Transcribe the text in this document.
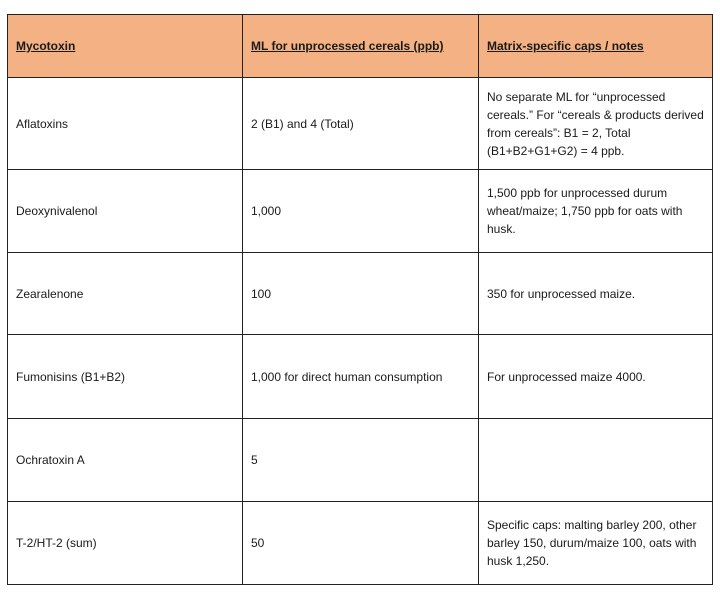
Mycotoxin	ML for unprocessed cereals (ppb)	Matrix-specific caps / notes
Aflatoxins	2 (B1) and 4 (Total)	No separate ML for “unprocessed cereals.” For “cereals & products derived from cereals”: B1 = 2, Total (B1+B2+G1+G2) = 4 ppb.
Deoxynivalenol	1,000	1,500 ppb for unprocessed durum wheat/maize; 1,750 ppb for oats with husk.
Zearalenone	100	350 for unprocessed maize.
Fumonisins (B1+B2)	1,000 for direct human consumption	For unprocessed maize 4000.
Ochratoxin A	5	
T-2/HT-2 (sum)	50	Specific caps: malting barley 200, other barley 150, durum/maize 100, oats with husk 1,250.
